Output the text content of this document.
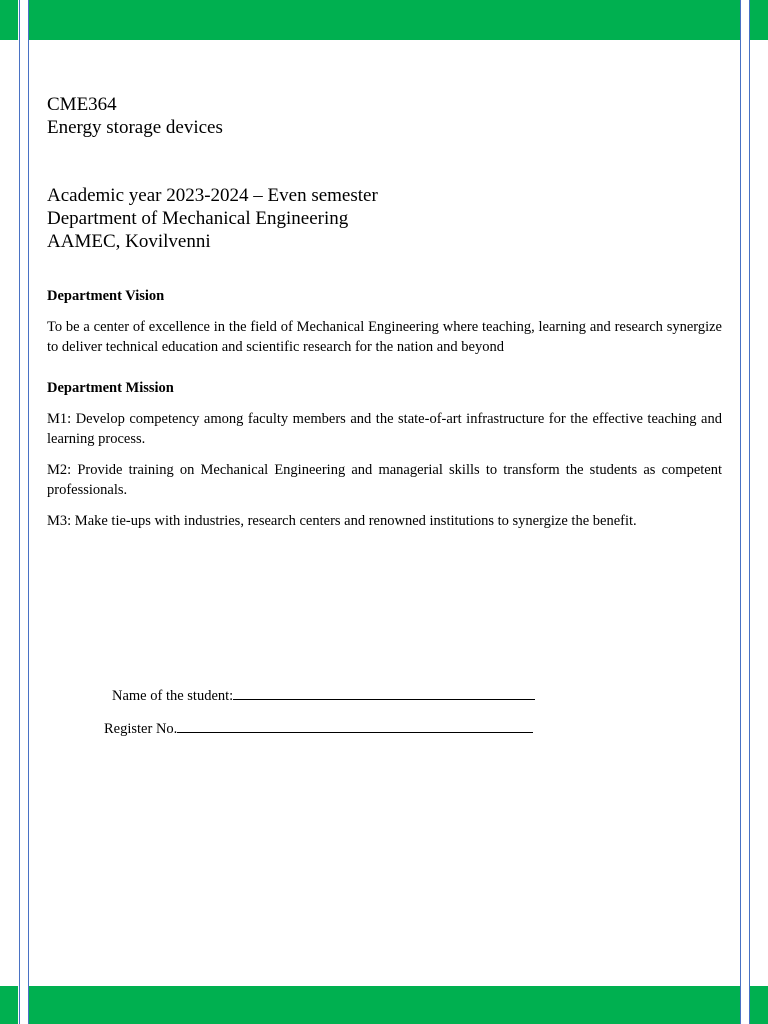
CME364
Energy storage devices
Academic year 2023-2024 – Even semester
Department of Mechanical Engineering
AAMEC, Kovilvenni

Department Vision

To be a center of excellence in the field of Mechanical Engineering where teaching, learning and research synergize to deliver technical education and scientific research for the nation and beyond

Department Mission

M1: Develop competency among faculty members and the state-of-art infrastructure for the effective teaching and learning process.

M2: Provide training on Mechanical Engineering and managerial skills to transform the students as competent professionals.

M3: Make tie-ups with industries, research centers and renowned institutions to synergize the benefit.

Name of the student:
Register No.
